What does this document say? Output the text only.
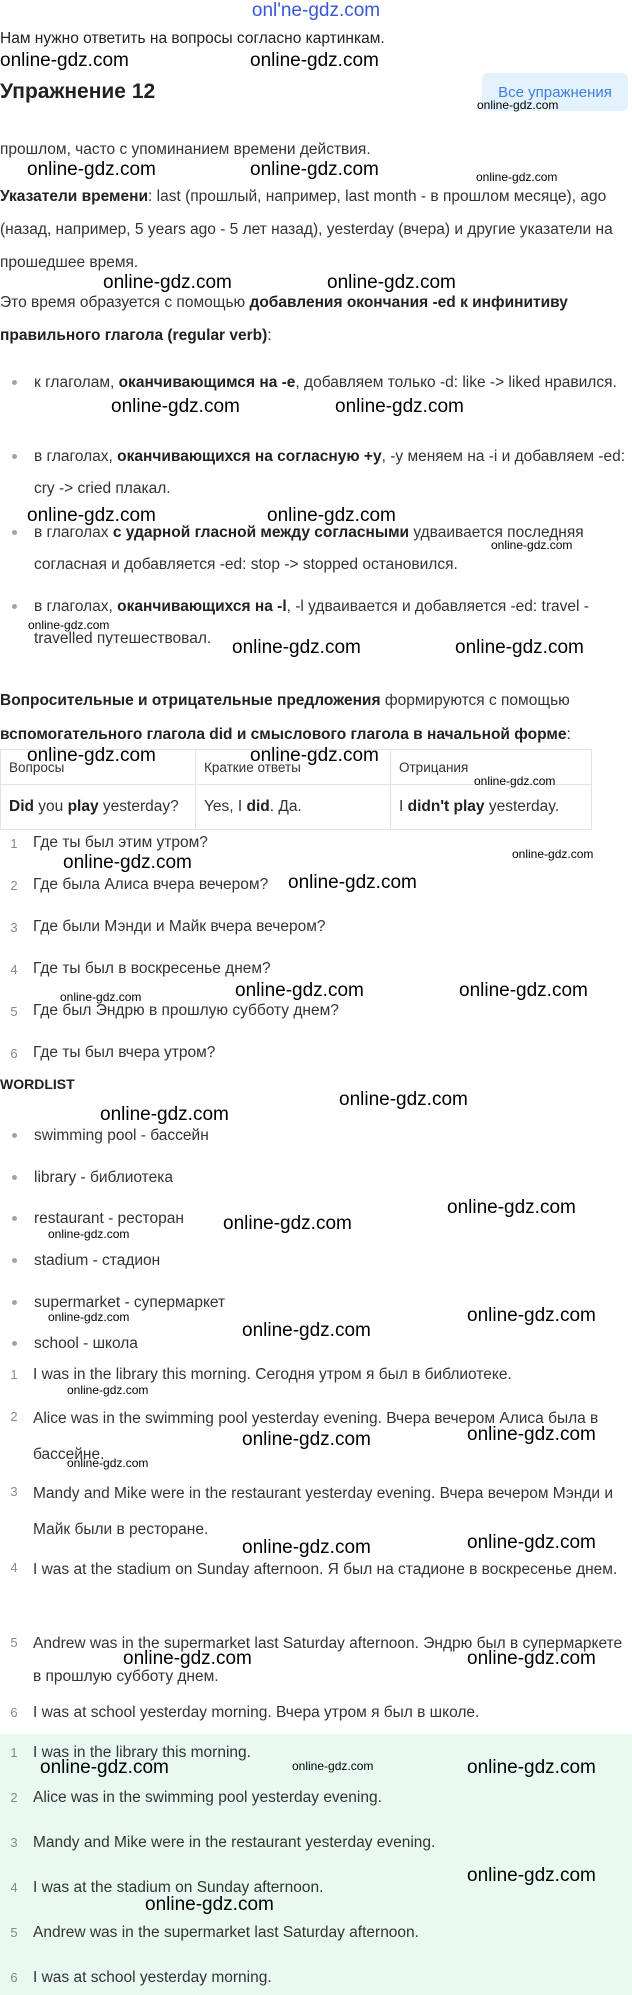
onl'ne-gdz.com
Нам нужно ответить на вопросы согласно картинкам.
прошлом, часто с упоминанием времени действия.
Указатели времени: last (прошлый, например, last month - в прошлом месяце), ago (назад, например, 5 years ago - 5 лет назад), yesterday (вчера) и другие указатели на прошедшее время.
Это время образуется с помощью добавления окончания -ed к инфинитиву правильного глагола (regular verb):
к глаголам, оканчивающимся на -e, добавляем только -d: like -> liked нравился.
в глаголах, оканчивающихся на согласную +y, -y меняем на -i и добавляем -ed: cry -> cried плакал.
в глаголах с ударной гласной между согласными удваивается последняя согласная и добавляется -ed: stop -> stopped остановился.
в глаголах, оканчивающихся на -l, -l удваивается и добавляется -ed: travel - travelled путешествовал.
Вопросительные и отрицательные предложения формируются с помощью вспомогательного глагола did и смыслового глагола в начальной форме:
Вопросы	Краткие ответы	Отрицания
Did you play yesterday?	Yes, I did. Да.	I didn't play yesterday.
1 Где ты был этим утром?
2 Где была Алиса вчера вечером?
3 Где были Мэнди и Майк вчера вечером?
4 Где ты был в воскресенье днем?
5 Где был Эндрю в прошлую субботу днем?
6 Где ты был вчера утром?
WORDLIST
swimming pool - бассейн
library - библиотека
restaurant - ресторан
stadium - стадион
supermarket - супермаркет
school - школа
1 I was in the library this morning. Сегодня утром я был в библиотеке.
2 Alice was in the swimming pool yesterday evening. Вчера вечером Алиса была в бассейне.
3 Mandy and Mike were in the restaurant yesterday evening. Вчера вечером Мэнди и Майк были в ресторане.
4 I was at the stadium on Sunday afternoon. Я был на стадионе в воскресенье днем.
5 Andrew was in the supermarket last Saturday afternoon. Эндрю был в супермаркете в прошлую субботу днем.
6 I was at school yesterday morning. Вчера утром я был в школе.
1 I was in the library this morning.
2 Alice was in the swimming pool yesterday evening.
3 Mandy and Mike were in the restaurant yesterday evening.
4 I was at the stadium on Sunday afternoon.
5 Andrew was in the supermarket last Saturday afternoon.
6 I was at school yesterday morning.
Упражнение 12	Все упражнения
online-gdz.com	online-gdz.com
online-gdz.com
online-gdz.com	online-gdz.com	online-gdz.com
online-gdz.com	online-gdz.com
online-gdz.com	online-gdz.com
online-gdz.com	online-gdz.com
online-gdz.com
online-gdz.com
online-gdz.com	online-gdz.com
online-gdz.com	online-gdz.com
online-gdz.com
online-gdz.com	online-gdz.com
online-gdz.com
online-gdz.com	online-gdz.com	online-gdz.com
online-gdz.com
online-gdz.com
online-gdz.com
online-gdz.com
online-gdz.com
online-gdz.com
online-gdz.com
online-gdz.com
online-gdz.com
online-gdz.com
online-gdz.com	online-gdz.com
online-gdz.com	online-gdz.com
online-gdz.com	online-gdz.com
online-gdz.com	online-gdz.com	online-gdz.com
online-gdz.com
online-gdz.com
